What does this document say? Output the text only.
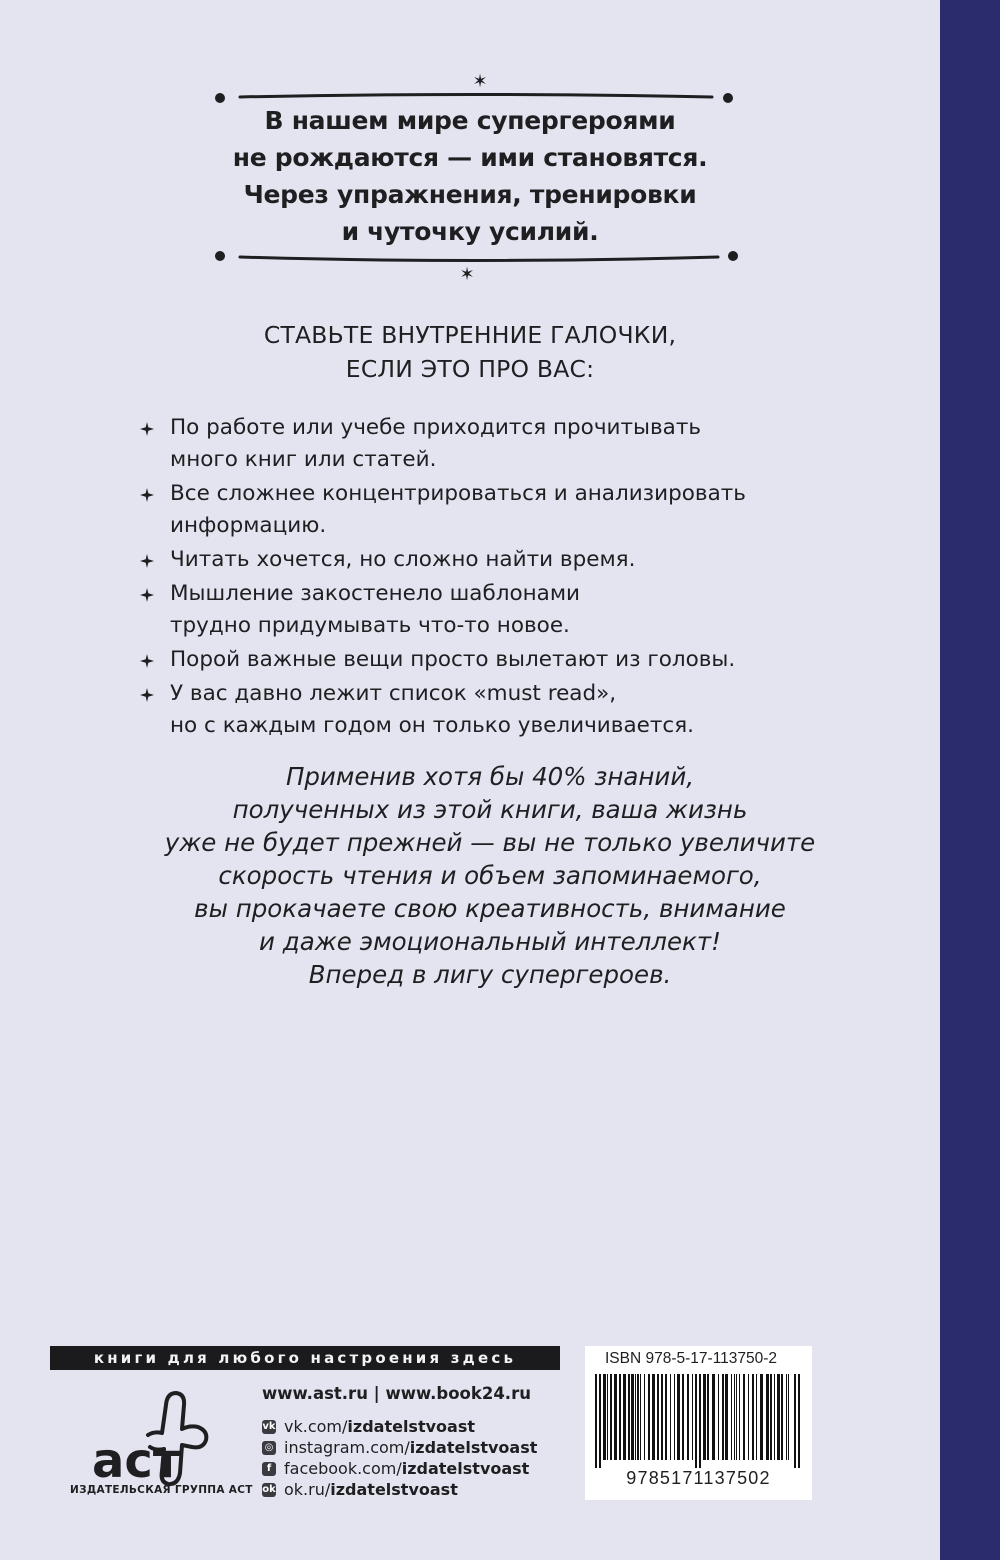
✶
В нашем мире супергероями
не рождаются — ими становятся.
Через упражнения, тренировки
и чуточку усилий.
✶
СТАВЬТЕ ВНУТРЕННИЕ ГАЛОЧКИ,
ЕСЛИ ЭТО ПРО ВАС:
По работе или учебе приходится прочитывать
много книг или статей.
Все сложнее концентрироваться и анализировать
информацию.
Читать хочется, но сложно найти время.
Мышление закостенело шаблонами
трудно придумывать что-то новое.
Порой важные вещи просто вылетают из головы.
У вас давно лежит список «must read»,
но с каждым годом он только увеличивается.
Применив хотя бы 40% знаний,
полученных из этой книги, ваша жизнь
уже не будет прежней — вы не только увеличите
скорость чтения и объем запоминаемого,
вы прокачаете свою креативность, внимание
и даже эмоциональный интеллект!
Вперед в лигу супергероев.
книги для любого настроения здесь
аст
ИЗДАТЕЛЬСКАЯ ГРУППА АСТ
www.ast.ru | www.book24.ru
vk vk.com/ izdatelstvoast
◎ instagram.com/ izdatelstvoast
f facebook.com/ izdatelstvoast
ok ok.ru/ izdatelstvoast
ISBN 978-5-17-113750-2
9785171137502
